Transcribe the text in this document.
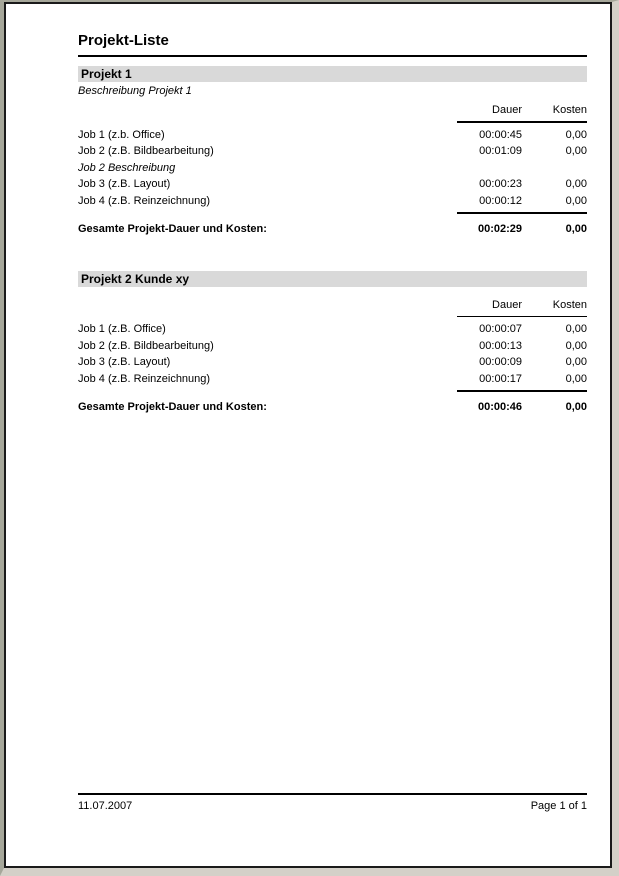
Projekt-Liste
Projekt 1
Beschreibung Projekt 1
Dauer	Kosten
Job 1 (z.b. Office)	00:00:45	0,00
Job 2 (z.B. Bildbearbeitung)	00:01:09	0,00
Job 2 Beschreibung
Job 3 (z.B. Layout)	00:00:23	0,00
Job 4 (z.B. Reinzeichnung)	00:00:12	0,00
Gesamte Projekt-Dauer und Kosten:	00:02:29	0,00
Projekt 2 Kunde xy
Dauer	Kosten
Job 1 (z.B. Office)	00:00:07	0,00
Job 2 (z.B. Bildbearbeitung)	00:00:13	0,00
Job 3 (z.B. Layout)	00:00:09	0,00
Job 4 (z.B. Reinzeichnung)	00:00:17	0,00
Gesamte Projekt-Dauer und Kosten:	00:00:46	0,00
11.07.2007	Page 1 of 1
